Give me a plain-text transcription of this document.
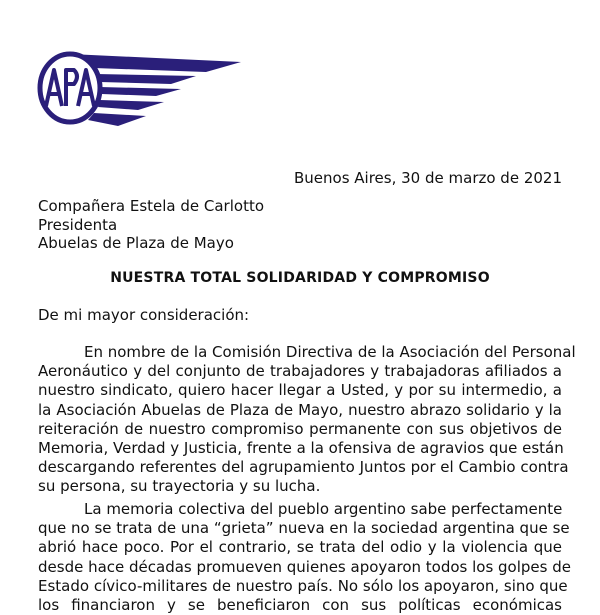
Buenos Aires, 30 de marzo de 2021
Compañera Estela de Carlotto
Presidenta
Abuelas de Plaza de Mayo
NUESTRA TOTAL SOLIDARIDAD Y COMPROMISO
De mi mayor consideración:
En nombre de la Comisión Directiva de la Asociación del Personal
Aeronáutico y del conjunto de trabajadores y trabajadoras afiliados a
nuestro sindicato, quiero hacer llegar a Usted, y por su intermedio, a
la Asociación Abuelas de Plaza de Mayo, nuestro abrazo solidario y la
reiteración de nuestro compromiso permanente con sus objetivos de
Memoria, Verdad y Justicia, frente a la ofensiva de agravios que están
descargando referentes del agrupamiento Juntos por el Cambio contra
su persona, su trayectoria y su lucha.
La memoria colectiva del pueblo argentino sabe perfectamente
que no se trata de una “grieta” nueva en la sociedad argentina que se
abrió hace poco. Por el contrario, se trata del odio y la violencia que
desde hace décadas promueven quienes apoyaron todos los golpes de
Estado cívico-militares de nuestro país. No sólo los apoyaron, sino que
los financiaron y se beneficiaron con sus políticas económicas
